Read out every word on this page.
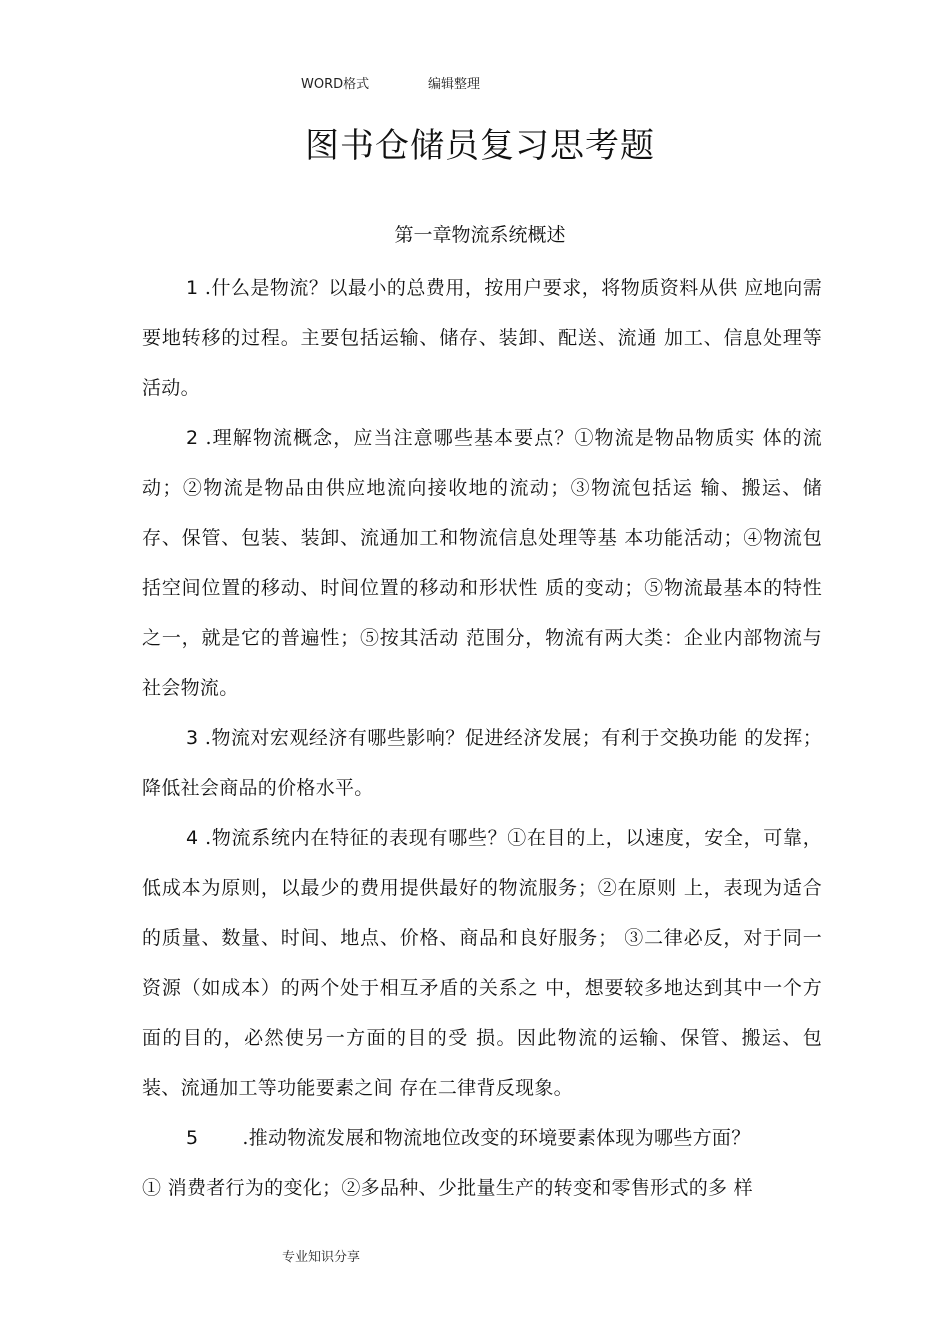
WORD格式	编辑整理
图书仓储员复习思考题
第一章物流系统概述

1 .什么是物流？以最小的总费用，按用户要求，将物质资料从供 应地向需要地转移的过程。主要包括运输、储存、装卸、配送、流通 加工、信息处理等活动。

2 .理解物流概念，应当注意哪些基本要点？①物流是物品物质实 体的流动；②物流是物品由供应地流向接收地的流动；③物流包括运 输、搬运、储存、保管、包装、装卸、流通加工和物流信息处理等基 本功能活动；④物流包括空间位置的移动、时间位置的移动和形状性 质的变动；⑤物流最基本的特性之一，就是它的普遍性；⑤按其活动 范围分，物流有两大类：企业内部物流与社会物流。

3 .物流对宏观经济有哪些影响？促进经济发展；有利于交换功能 的发挥；降低社会商品的价格水平。

4 .物流系统内在特征的表现有哪些？①在目的上，以速度，安全，可靠，低成本为原则，以最少的费用提供最好的物流服务；②在原则 上，表现为适合的质量、数量、时间、地点、价格、商品和良好服务； ③二律必反，对于同一资源（如成本）的两个处于相互矛盾的关系之 中，想要较多地达到其中一个方面的目的，必然使另一方面的目的受 损。因此物流的运输、保管、搬运、包装、流通加工等功能要素之间 存在二律背反现象。

5 .推动物流发展和物流地位改变的环境要素体现为哪些方面？

① 消费者行为的变化；②多品种、少批量生产的转变和零售形式的多 样

专业知识分享
